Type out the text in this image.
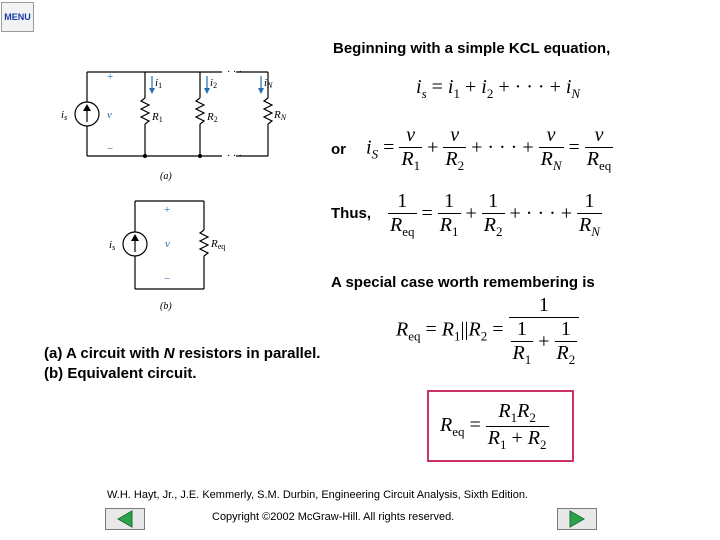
MENU
Beginning with a simple KCL equation,
$i_s = i_1 + i_2$ + · · · + $i_N$
or $i_S = \frac{v}{R_1} + \frac{v}{R_2}$ + · · · + $\frac{v}{R_N} = \frac{v}{R_{eq}}$
Thus, $\frac{1}{R_{eq}} = \frac{1}{R_1} + \frac{1}{R_2}$ + · · · + $\frac{1}{R_N}$
A special case worth remembering is
$R_{eq} = R_1||R_2 = \frac{1}{\frac{1}{R_1} + \frac{1}{R_2}}$
$R_{eq} = \frac{R_1R_2}{R_1 + R_2}$
(a) A circuit with N resistors in parallel. (b) Equivalent circuit.
· · ·
· · ·
+
−
v
is
i1	i2	iN
R1	R2	RN
(a)
+
−
v
is	Req
(b)
W.H. Hayt, Jr., J.E. Kemmerly, S.M. Durbin, Engineering Circuit Analysis, Sixth Edition.
Copyright ©2002 McGraw-Hill. All rights reserved.
